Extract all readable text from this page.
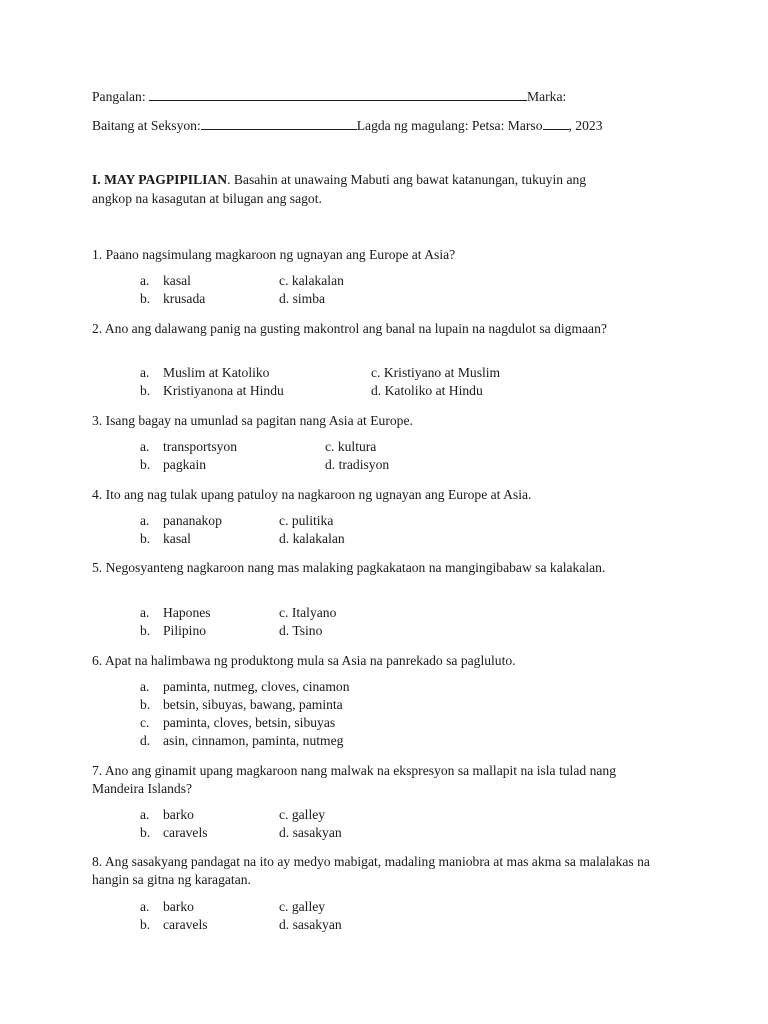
Pangalan:	Marka:
Baitang at Seksyon:	Lagda ng magulang: Petsa: Marso , 2023
I. MAY PAGPIPILIAN. Basahin at unawaing Mabuti ang bawat katanungan, tukuyin ang
angkop na kasagutan at bilugan ang sagot.
1. Paano nagsimulang magkaroon ng ugnayan ang Europe at Asia?
a. kasal	c. kalakalan
b. krusada	d. simba
2. Ano ang dalawang panig na gusting makontrol ang banal na lupain na nagdulot sa digmaan?
a. Muslim at Katoliko	c. Kristiyano at Muslim
b. Kristiyanona at Hindu	d. Katoliko at Hindu
3. Isang bagay na umunlad sa pagitan nang Asia at Europe.
a. transportsyon	c. kultura
b. pagkain	d. tradisyon
4. Ito ang nag tulak upang patuloy na nagkaroon ng ugnayan ang Europe at Asia.
a. pananakop	c. pulitika
b. kasal	d. kalakalan
5. Negosyanteng nagkaroon nang mas malaking pagkakataon na mangingibabaw sa kalakalan.
a. Hapones	c. Italyano
b. Pilipino	d. Tsino
6. Apat na halimbawa ng produktong mula sa Asia na panrekado sa pagluluto.
a. paminta, nutmeg, cloves, cinamon
b. betsin, sibuyas, bawang, paminta
c. paminta, cloves, betsin, sibuyas
d. asin, cinnamon, paminta, nutmeg
7. Ano ang ginamit upang magkaroon nang malwak na ekspresyon sa mallapit na isla tulad nang Mandeira Islands?
a. barko	c. galley
b. caravels	d. sasakyan
8. Ang sasakyang pandagat na ito ay medyo mabigat, madaling maniobra at mas akma sa malalakas na hangin sa gitna ng karagatan.
a. barko	c. galley
b. caravels	d. sasakyan
